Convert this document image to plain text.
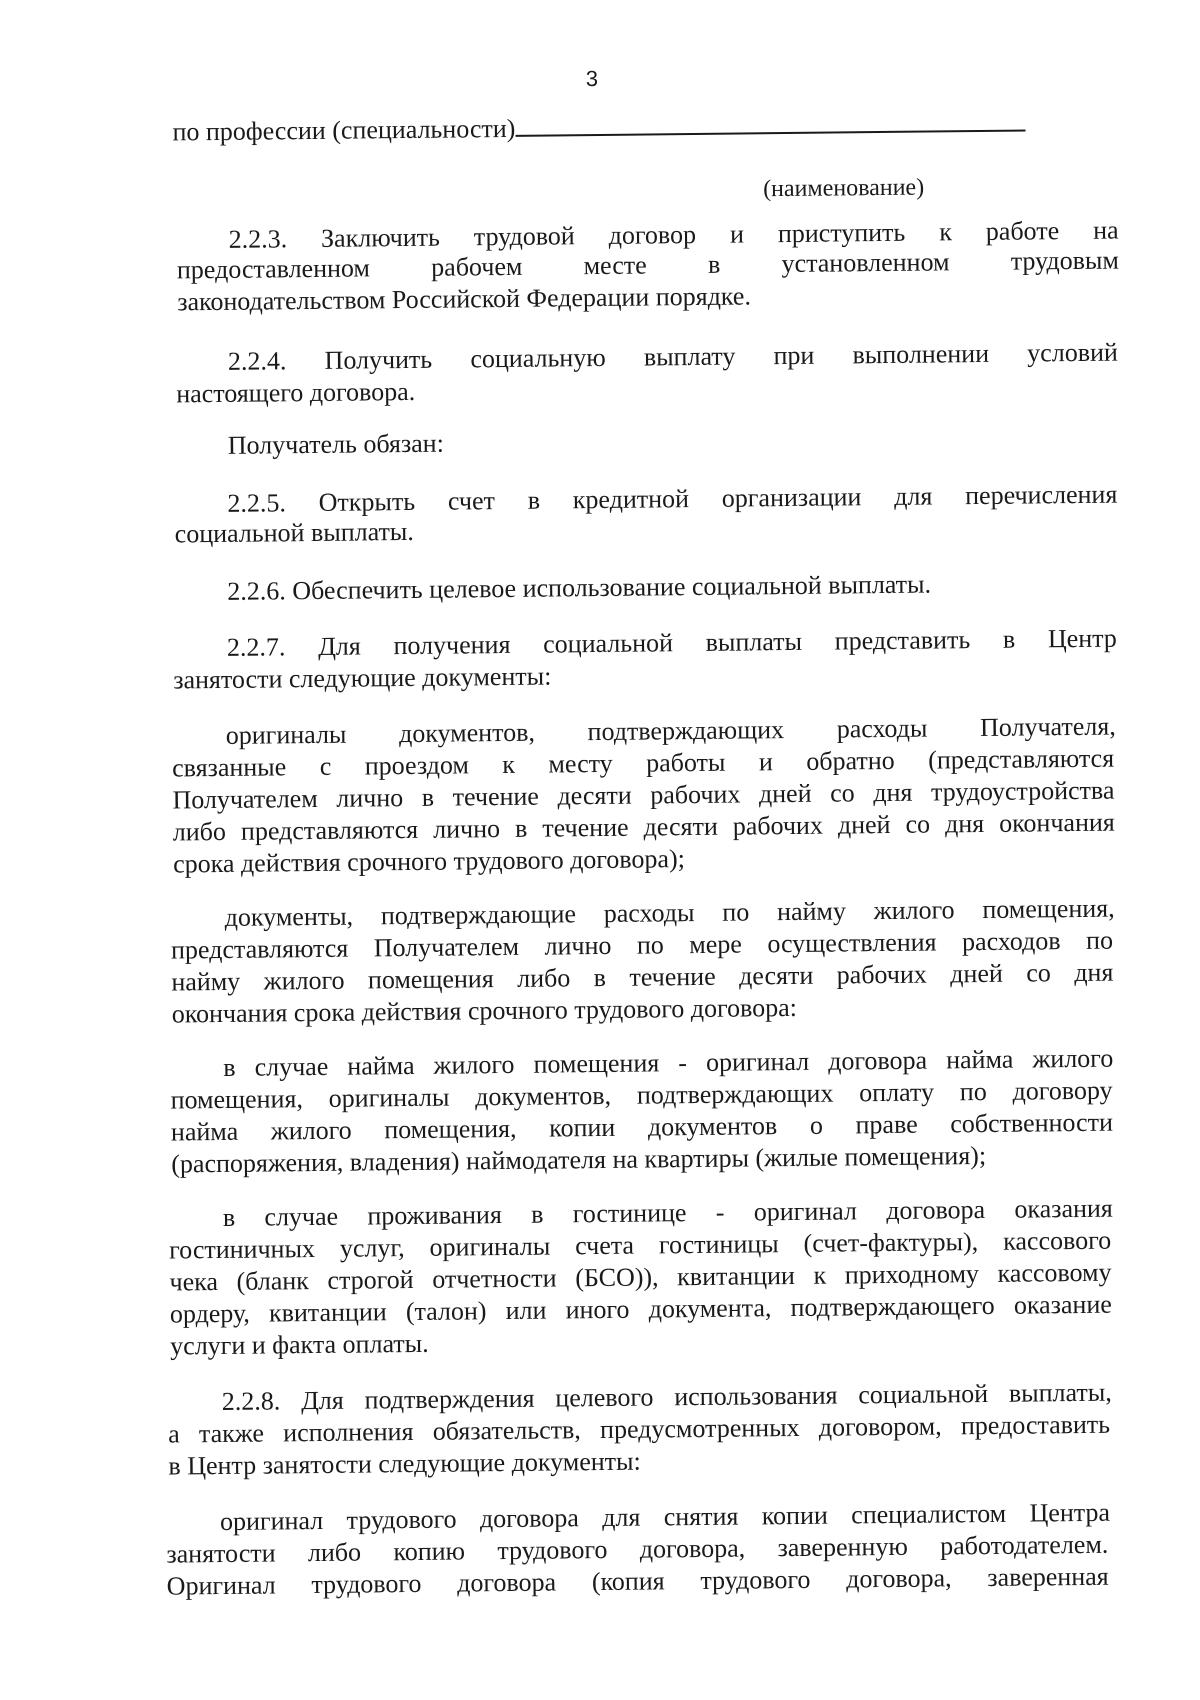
3
по профессии (специальности)
(наименование)
2.2.3. Заключить трудовой договор и приступить к работе на
предоставленном рабочем месте в установленном трудовым
законодательством Российской Федерации порядке.
2.2.4. Получить социальную выплату при выполнении условий
настоящего договора.
Получатель обязан:
2.2.5. Открыть счет в кредитной организации для перечисления
социальной выплаты.
2.2.6. Обеспечить целевое использование социальной выплаты.
2.2.7. Для получения социальной выплаты представить в Центр
занятости следующие документы:
оригиналы документов, подтверждающих расходы Получателя,
связанные с проездом к месту работы и обратно (представляются
Получателем лично в течение десяти рабочих дней со дня трудоустройства
либо представляются лично в течение десяти рабочих дней со дня окончания
срока действия срочного трудового договора);
документы, подтверждающие расходы по найму жилого помещения,
представляются Получателем лично по мере осуществления расходов по
найму жилого помещения либо в течение десяти рабочих дней со дня
окончания срока действия срочного трудового договора:
в случае найма жилого помещения - оригинал договора найма жилого
помещения, оригиналы документов, подтверждающих оплату по договору
найма жилого помещения, копии документов о праве собственности
(распоряжения, владения) наймодателя на квартиры (жилые помещения);
в случае проживания в гостинице - оригинал договора оказания
гостиничных услуг, оригиналы счета гостиницы (счет-фактуры), кассового
чека (бланк строгой отчетности (БСО)), квитанции к приходному кассовому
ордеру, квитанции (талон) или иного документа, подтверждающего оказание
услуги и факта оплаты.
2.2.8. Для подтверждения целевого использования социальной выплаты,
а также исполнения обязательств, предусмотренных договором, предоставить
в Центр занятости следующие документы:
оригинал трудового договора для снятия копии специалистом Центра
занятости либо копию трудового договора, заверенную работодателем.
Оригинал трудового договора (копия трудового договора, заверенная
